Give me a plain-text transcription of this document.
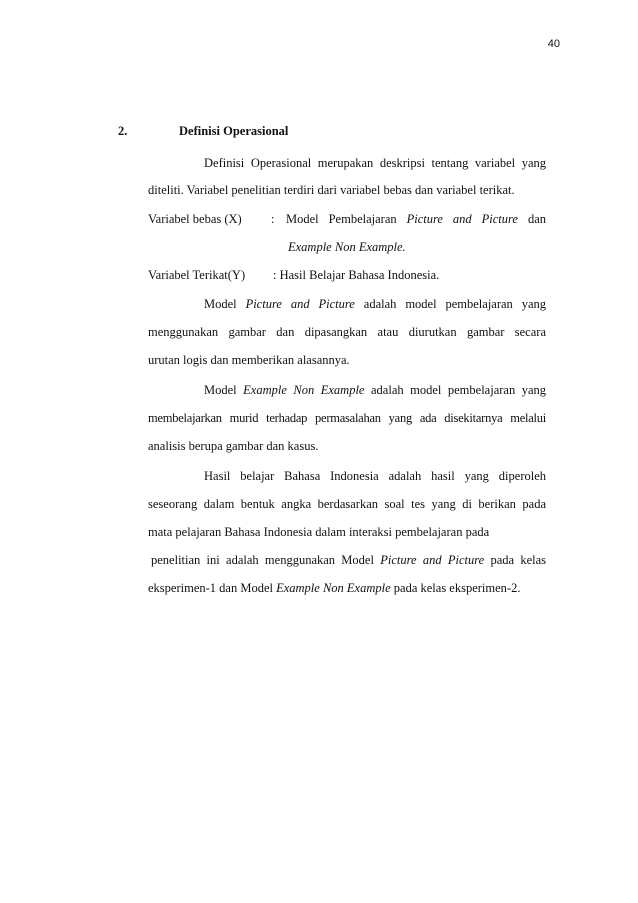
40
2.	Definisi Operasional
Definisi Operasional merupakan deskripsi tentang variabel yang
diteliti. Variabel penelitian terdiri dari variabel bebas dan variabel terikat.
Variabel bebas (X) : Model Pembelajaran Picture and Picture dan
Example Non Example.
Variabel Terikat(Y) : Hasil Belajar Bahasa Indonesia.
Model Picture and Picture adalah model pembelajaran yang
menggunakan gambar dan dipasangkan atau diurutkan gambar secara
urutan logis dan memberikan alasannya.
Model Example Non Example adalah model pembelajaran yang
membelajarkan murid terhadap permasalahan yang ada disekitarnya melalui
analisis berupa gambar dan kasus.
Hasil belajar Bahasa Indonesia adalah hasil yang diperoleh
seseorang dalam bentuk angka berdasarkan soal tes yang di berikan pada
mata pelajaran Bahasa Indonesia dalam interaksi pembelajaran pada
penelitian ini adalah menggunakan Model Picture and Picture pada kelas
eksperimen-1 dan Model Example Non Example pada kelas eksperimen-2.
